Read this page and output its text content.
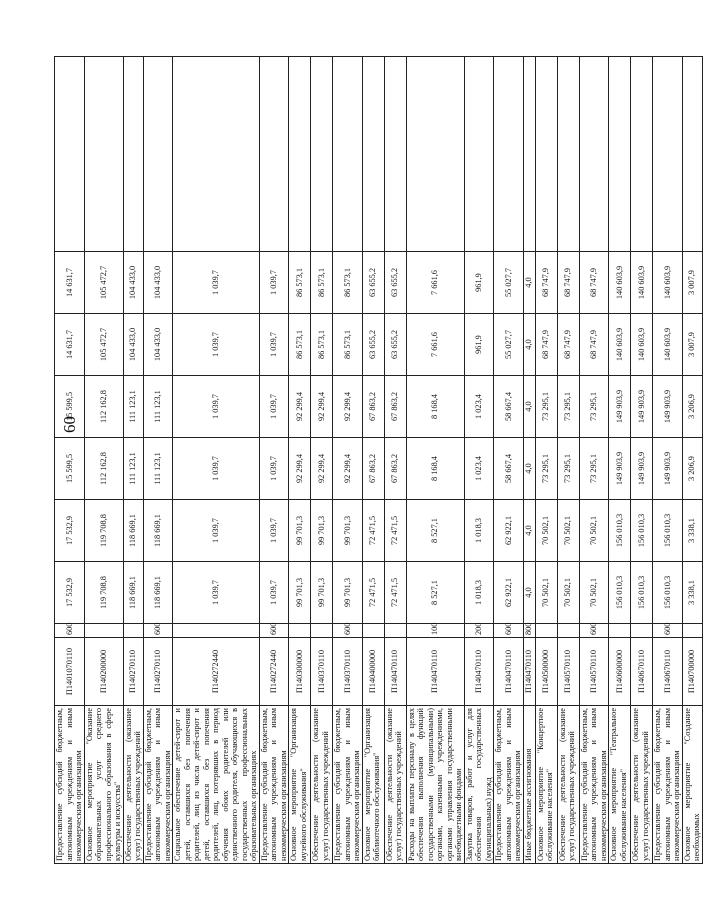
60
Предоставление субсидий бюджетным, автономным учреждениям и иным некоммерческим организациям	П1401070110	600	17 532,9	17 532,9	15 599,5	15 599,5	14 631,7	14 631,7	
Основное мероприятие "Оказание образовательных услуг среднего профессионального образования в сфере культуры и искусства"	П140200000		119 708,8	119 708,8	112 162,8	112 162,8	105 472,7	105 472,7	
Обеспечение деятельности (оказание услуг) государственных учреждений	П140270110		118 669,1	118 669,1	111 123,1	111 123,1	104 433,0	104 433,0	
Предоставление субсидий бюджетным, автономным учреждениям и иным некоммерческим организациям	П140270110	600	118 669,1	118 669,1	111 123,1	111 123,1	104 433,0	104 433,0	
Социальное обеспечение детей-сирот и детей, оставшихся без попечения родителей, лиц из числа детей-сирот и детей, оставшихся без попечения родителей, лиц, потерявших в период обучения обоих родителей или единственного родителя, обучающихся в государственных профессиональных образовательных организациях	П140272440		1 039,7	1 039,7	1 039,7	1 039,7	1 039,7	1 039,7	
Предоставление субсидий бюджетным, автономным учреждениям и иным некоммерческим организациям	П140272440	600	1 039,7	1 039,7	1 039,7	1 039,7	1 039,7	1 039,7	
Основное мероприятие "Организация музейного обслуживания"	П140300000		99 701,3	99 701,3	92 299,4	92 299,4	86 573,1	86 573,1	
Обеспечение деятельности (оказание услуг) государственных учреждений	П140370110		99 701,3	99 701,3	92 299,4	92 299,4	86 573,1	86 573,1	
Предоставление субсидий бюджетным, автономным учреждениям и иным некоммерческим организациям	П140370110	600	99 701,3	99 701,3	92 299,4	92 299,4	86 573,1	86 573,1	
Основное мероприятие "Организация библиотечного обслуживания"	П140400000		72 471,5	72 471,5	67 863,2	67 863,2	63 655,2	63 655,2	
Обеспечение деятельности (оказание услуг) государственных учреждений	П140470110		72 471,5	72 471,5	67 863,2	67 863,2	63 655,2	63 655,2	
Расходы на выплаты персоналу в целях обеспечения выполнения функций государственными (муниципальными) органами, казенными учреждениями, органами управления государственными внебюджетными фондами	П140470110	100	8 527,1	8 527,1	8 168,4	8 168,4	7 661,6	7 661,6	
Закупка товаров, работ и услуг для обеспечения государственных (муниципальных) нужд	П140470110	200	1 018,3	1 018,3	1 023,4	1 023,4	961,9	961,9	
Предоставление субсидий бюджетным, автономным учреждениям и иным некоммерческим организациям	П140470110	600	62 922,1	62 922,1	58 667,4	58 667,4	55 027,7	55 027,7	
Иные бюджетные ассигнования	П140470110	800	4,0	4,0	4,0	4,0	4,0	4,0	
Основное мероприятие "Концертное обслуживание населения"	П140500000		70 502,1	70 502,1	73 295,1	73 295,1	68 747,9	68 747,9	
Обеспечение деятельности (оказание услуг) государственных учреждений	П140570110		70 502,1	70 502,1	73 295,1	73 295,1	68 747,9	68 747,9	
Предоставление субсидий бюджетным, автономным учреждениям и иным некоммерческим организациям	П140570110	600	70 502,1	70 502,1	73 295,1	73 295,1	68 747,9	68 747,9	
Основное мероприятие "Театральное обслуживание населения"	П140600000		156 010,3	156 010,3	149 903,9	149 903,9	140 603,9	140 603,9	
Обеспечение деятельности (оказание услуг) государственных учреждений	П140670110		156 010,3	156 010,3	149 903,9	149 903,9	140 603,9	140 603,9	
Предоставление субсидий бюджетным, автономным учреждениям и иным некоммерческим организациям	П140670110	600	156 010,3	156 010,3	149 903,9	149 903,9	140 603,9	140 603,9	
Основное мероприятие "Создание необходимых	П140700000		3 338,1	3 338,1	3 206,9	3 206,9	3 007,9	3 007,9	
